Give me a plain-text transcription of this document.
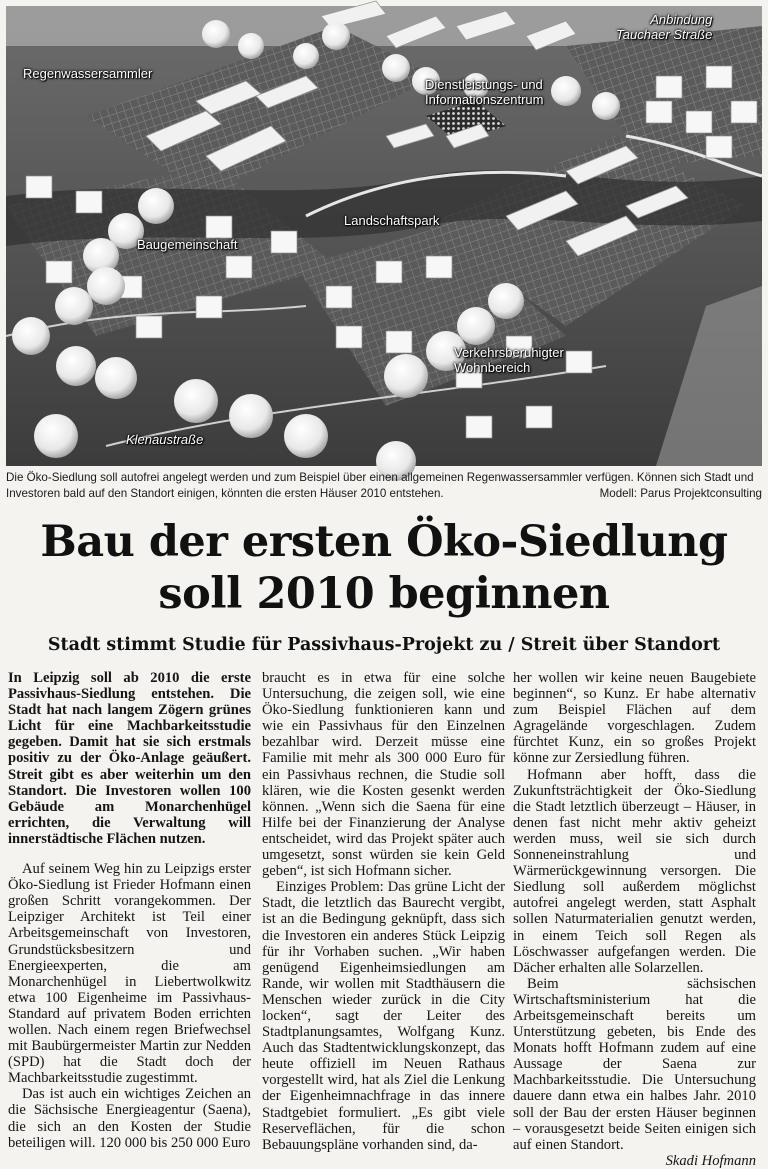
Anbindung
Tauchaer Straße
Regenwassersammler
Dienstleistungs- und
Informationszentrum
Landschaftspark
Baugemeinschaft
Verkehrsberuhigter
Wohnbereich
Klenaustraße
Die Öko-Siedlung soll autofrei angelegt werden und zum Beispiel über einen allgemeinen Regenwassersammler verfügen. Können sich Stadt und Investoren bald auf den Standort einigen, könnten die ersten Häuser 2010 entstehen.	Modell: Parus Projektconsulting
Bau der ersten Öko-Siedlung
soll 2010 beginnen
Stadt stimmt Studie für Passivhaus-Projekt zu / Streit über Standort

In Leipzig soll ab 2010 die erste Passivhaus-Siedlung entstehen. Die Stadt hat nach langem Zögern grünes Licht für eine Machbarkeitsstudie gegeben. Damit hat sie sich erstmals positiv zu der Öko-Anlage geäußert. Streit gibt es aber weiterhin um den Standort. Die Investoren wollen 100 Gebäude am Monarchenhügel errichten, die Verwaltung will innerstädtische Flächen nutzen.

Auf seinem Weg hin zu Leipzigs erster Öko-Siedlung ist Frieder Hofmann einen großen Schritt vorangekommen. Der Leipziger Architekt ist Teil einer Arbeitsgemeinschaft von Investoren, Grundstücksbesitzern und Energieexperten, die am Monarchenhügel in Liebertwolkwitz etwa 100 Eigenheime im Passivhaus-Standard auf privatem Boden errichten wollen. Nach einem regen Briefwechsel mit Baubürgermeister Martin zur Nedden (SPD) hat die Stadt doch der Machbarkeitsstudie zugestimmt.

Das ist auch ein wichtiges Zeichen an die Sächsische Energieagentur (Saena), die sich an den Kosten der Studie beteiligen will. 120 000 bis 250 000 Euro

braucht es in etwa für eine solche Untersuchung, die zeigen soll, wie eine Öko-Siedlung funktionieren kann und wie ein Passivhaus für den Einzelnen bezahlbar wird. Derzeit müsse eine Familie mit mehr als 300 000 Euro für ein Passivhaus rechnen, die Studie soll klären, wie die Kosten gesenkt werden können. „Wenn sich die Saena für eine Hilfe bei der Finanzierung der Analyse entscheidet, wird das Projekt später auch umgesetzt, sonst würden sie kein Geld geben“, ist sich Hofmann sicher.

Einziges Problem: Das grüne Licht der Stadt, die letztlich das Baurecht vergibt, ist an die Bedingung geknüpft, dass sich die Investoren ein anderes Stück Leipzig für ihr Vorhaben suchen. „Wir haben genügend Eigenheimsiedlungen am Rande, wir wollen mit Stadthäusern die Menschen wieder zurück in die City locken“, sagt der Leiter des Stadtplanungsamtes, Wolfgang Kunz. Auch das Stadtentwicklungskonzept, das heute offiziell im Neuen Rathaus vorgestellt wird, hat als Ziel die Lenkung der Eigenheimnachfrage in das innere Stadtgebiet formuliert. „Es gibt viele Reserveflächen, für die schon Bebauungspläne vorhanden sind, da-

her wollen wir keine neuen Baugebiete beginnen“, so Kunz. Er habe alternativ zum Beispiel Flächen auf dem Agragelände vorgeschlagen. Zudem fürchtet Kunz, ein so großes Projekt könne zur Zersiedlung führen.

Hofmann aber hofft, dass die Zukunftsträchtigkeit der Öko-Siedlung die Stadt letztlich überzeugt – Häuser, in denen fast nicht mehr aktiv geheizt werden muss, weil sie sich durch Sonneneinstrahlung und Wärmerückgewinnung versorgen. Die Siedlung soll außerdem möglichst autofrei angelegt werden, statt Asphalt sollen Naturmaterialien genutzt werden, in einem Teich soll Regen als Löschwasser aufgefangen werden. Die Dächer erhalten alle Solarzellen.

Beim sächsischen Wirtschaftsministerium hat die Arbeitsgemeinschaft bereits um Unterstützung gebeten, bis Ende des Monats hofft Hofmann zudem auf eine Aussage der Saena zur Machbarkeitsstudie. Die Untersuchung dauere dann etwa ein halbes Jahr. 2010 soll der Bau der ersten Häuser beginnen – vorausgesetzt beide Seiten einigen sich auf einen Standort.

Skadi Hofmann
